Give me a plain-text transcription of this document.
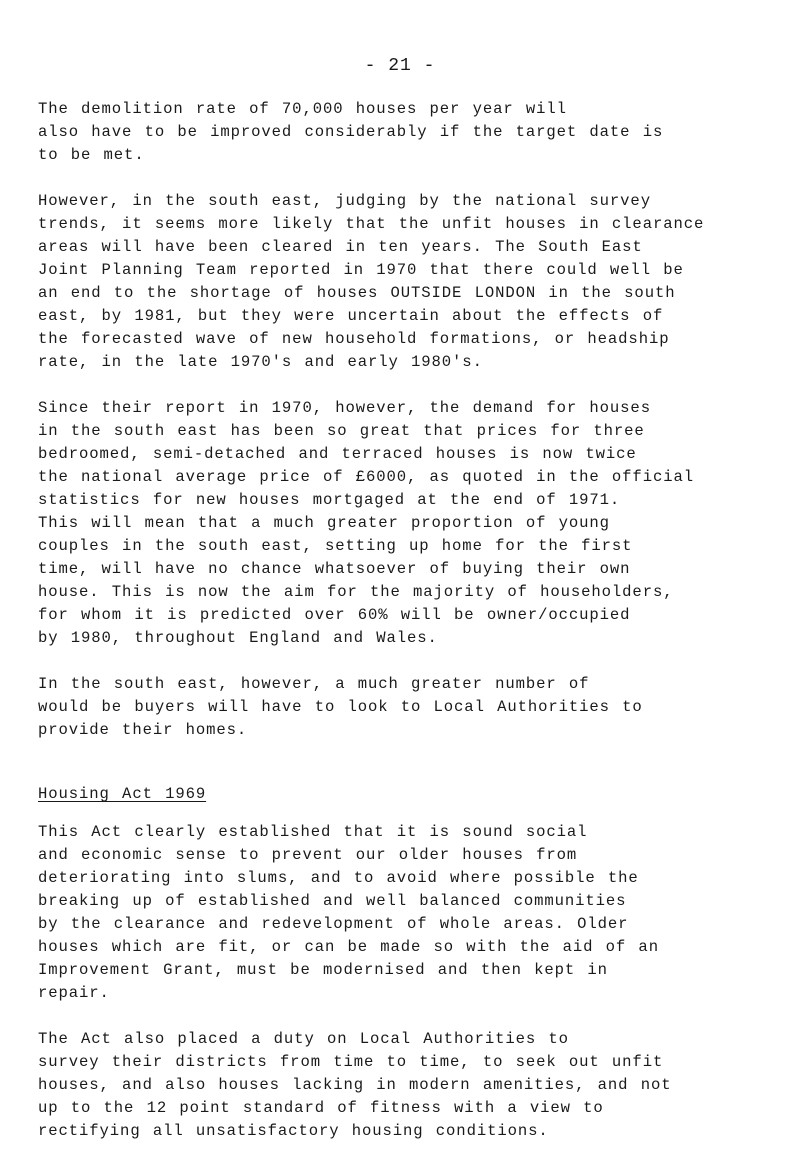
- 21 -

The demolition rate of 70,000 houses per year will
also have to be improved considerably if the target date is
to be met.

However, in the south east, judging by the national survey
trends, it seems more likely that the unfit houses in clearance
areas will have been cleared in ten years. The South East
Joint Planning Team reported in 1970 that there could well be
an end to the shortage of houses OUTSIDE LONDON in the south
east, by 1981, but they were uncertain about the effects of
the forecasted wave of new household formations, or headship
rate, in the late 1970's and early 1980's.

Since their report in 1970, however, the demand for houses
in the south east has been so great that prices for three
bedroomed, semi-detached and terraced houses is now twice
the national average price of £6000, as quoted in the official
statistics for new houses mortgaged at the end of 1971.
This will mean that a much greater proportion of young
couples in the south east, setting up home for the first
time, will have no chance whatsoever of buying their own
house. This is now the aim for the majority of householders,
for whom it is predicted over 60% will be owner/occupied
by 1980, throughout England and Wales.

In the south east, however, a much greater number of
would be buyers will have to look to Local Authorities to
provide their homes.

Housing Act 1969

This Act clearly established that it is sound social
and economic sense to prevent our older houses from
deteriorating into slums, and to avoid where possible the
breaking up of established and well balanced communities
by the clearance and redevelopment of whole areas. Older
houses which are fit, or can be made so with the aid of an
Improvement Grant, must be modernised and then kept in
repair.

The Act also placed a duty on Local Authorities to
survey their districts from time to time, to seek out unfit
houses, and also houses lacking in modern amenities, and not
up to the 12 point standard of fitness with a view to
rectifying all unsatisfactory housing conditions.
